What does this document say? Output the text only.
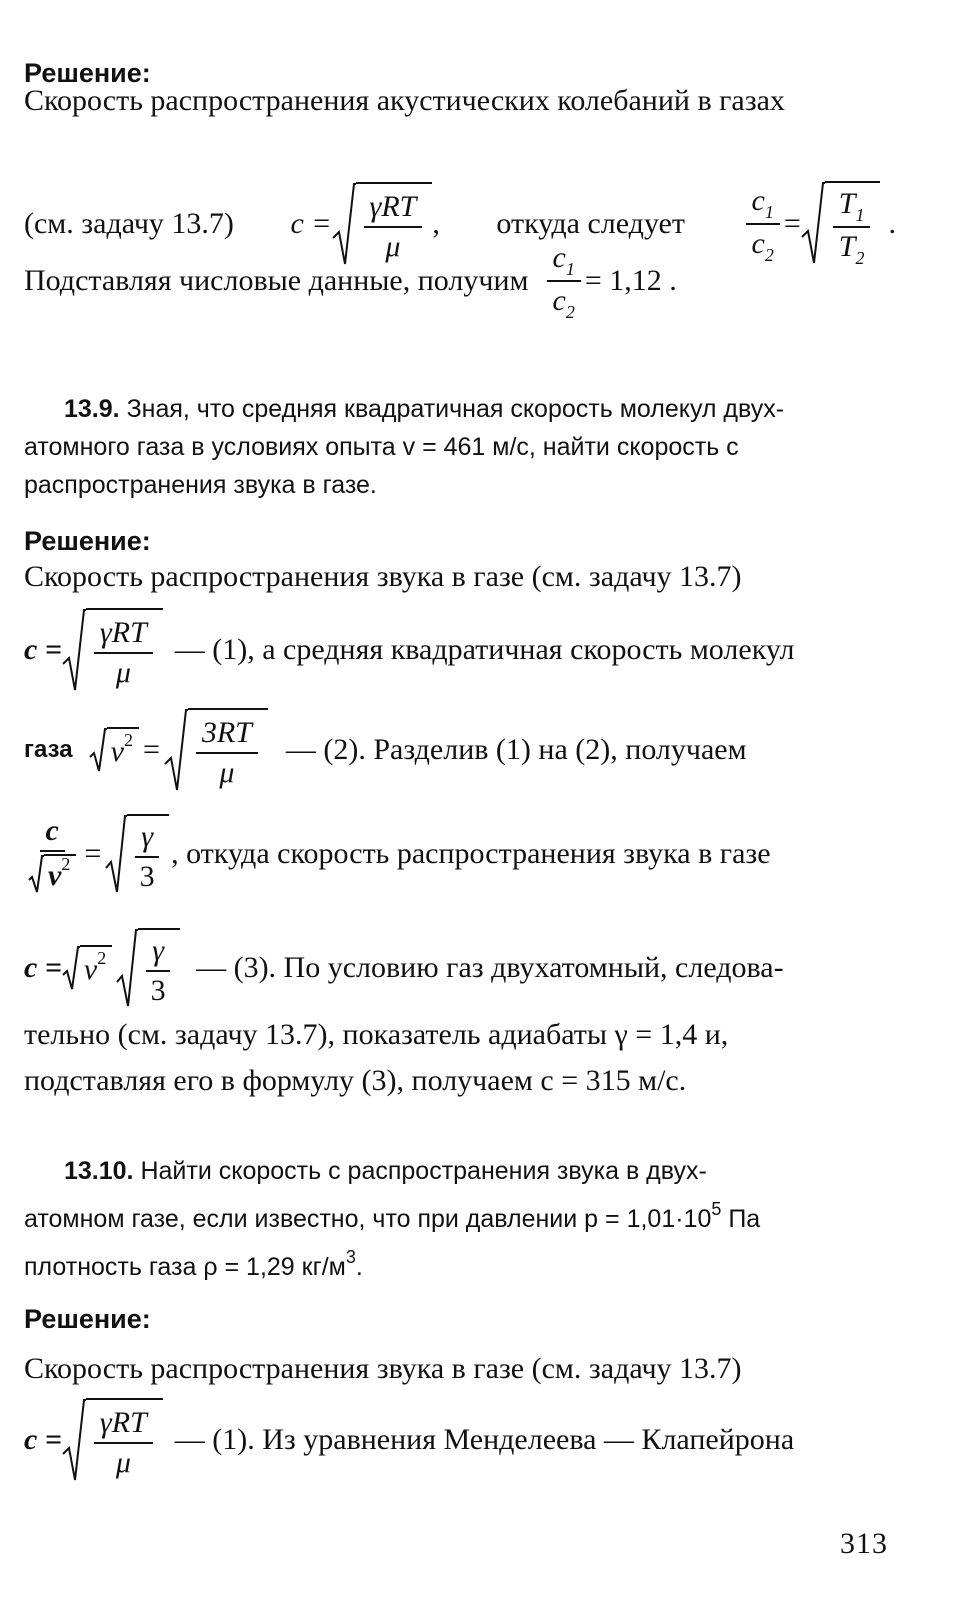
Решение:
Скорость распространения акустических колебаний в газах
(см. задачу 13.7) $c = \frac{\text{γRT}}{\mu}$ , откуда следует $\frac{c_1}{c_2} = \frac{T_1}{T_2}$ .
Подставляя числовые данные, получим $\frac{c_1}{c_2} = 1,12$ .
13.9. Зная, что средняя квадратичная скорость молекул двух-
атомного газа в условиях опыта v = 461 м/с, найти скорость c
распространения звука в газе.
Решение:
Скорость распространения звука в газе (см. задачу 13.7)
$c = \frac{\text{γRT}}{\mu}$ — (1), а средняя квадратичная скорость молекул
газа v $2 = \frac{3RT}{\mu}$ — (2). Разделив (1) на (2), получаем
$\frac{c}{v 2} = \frac{\gamma}{3}$ , откуда скорость распространения звука в газе
c = v $2 \frac{\gamma}{3}$ — (3). По условию газ двухатомный, следова-
тельно (см. задачу 13.7), показатель адиабаты γ = 1,4 и,
подставляя его в формулу (3), получаем c = 315 м/с.
13.10. Найти скорость c распространения звука в двух-
атомном газе, если известно, что при давлении $p = 1,01\cdot 10^5$ Па
плотность газа ρ = 1,29 $кг/м^3$.
Решение:
Скорость распространения звука в газе (см. задачу 13.7)
$c = \frac{\text{γRT}}{\mu}$ — (1). Из уравнения Менделеева — Клапейрона
313
